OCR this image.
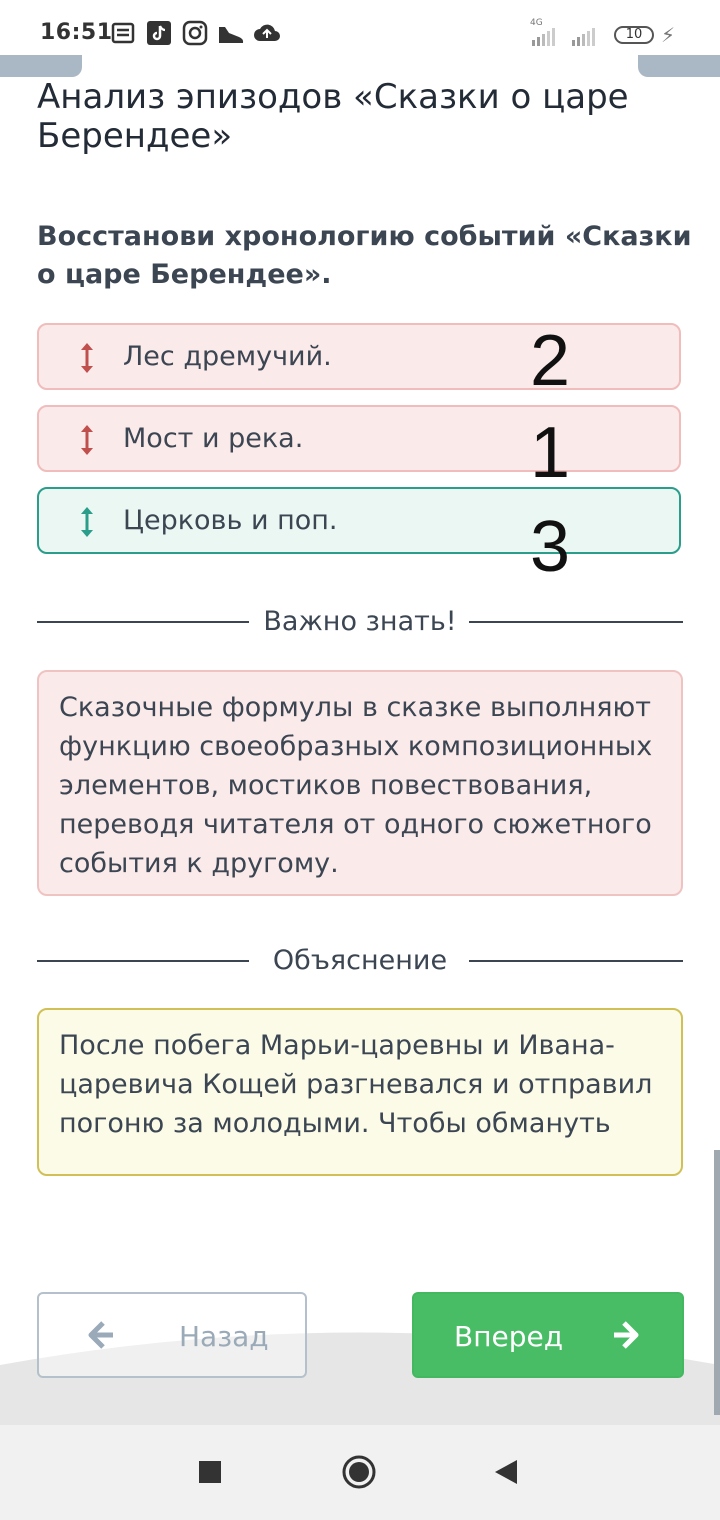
16:51	4G
10 ⚡
Анализ эпизодов «Сказки о царе Берендее»
Восстанови хронологию событий «Сказки о царе Берендее».
Лес дремучий.
Мост и река.
Церковь и поп.
2
1
3
Важно знать!
Сказочные формулы в сказке выполняют функцию своеобразных композиционных элементов, мостиков повествования, переводя читателя от одного сюжетного события к другому.
Объяснение
После побега Марьи-царевны и Ивана-царевича Кощей разгневался и отправил погоню за молодыми. Чтобы обмануть
Назад	Вперед
